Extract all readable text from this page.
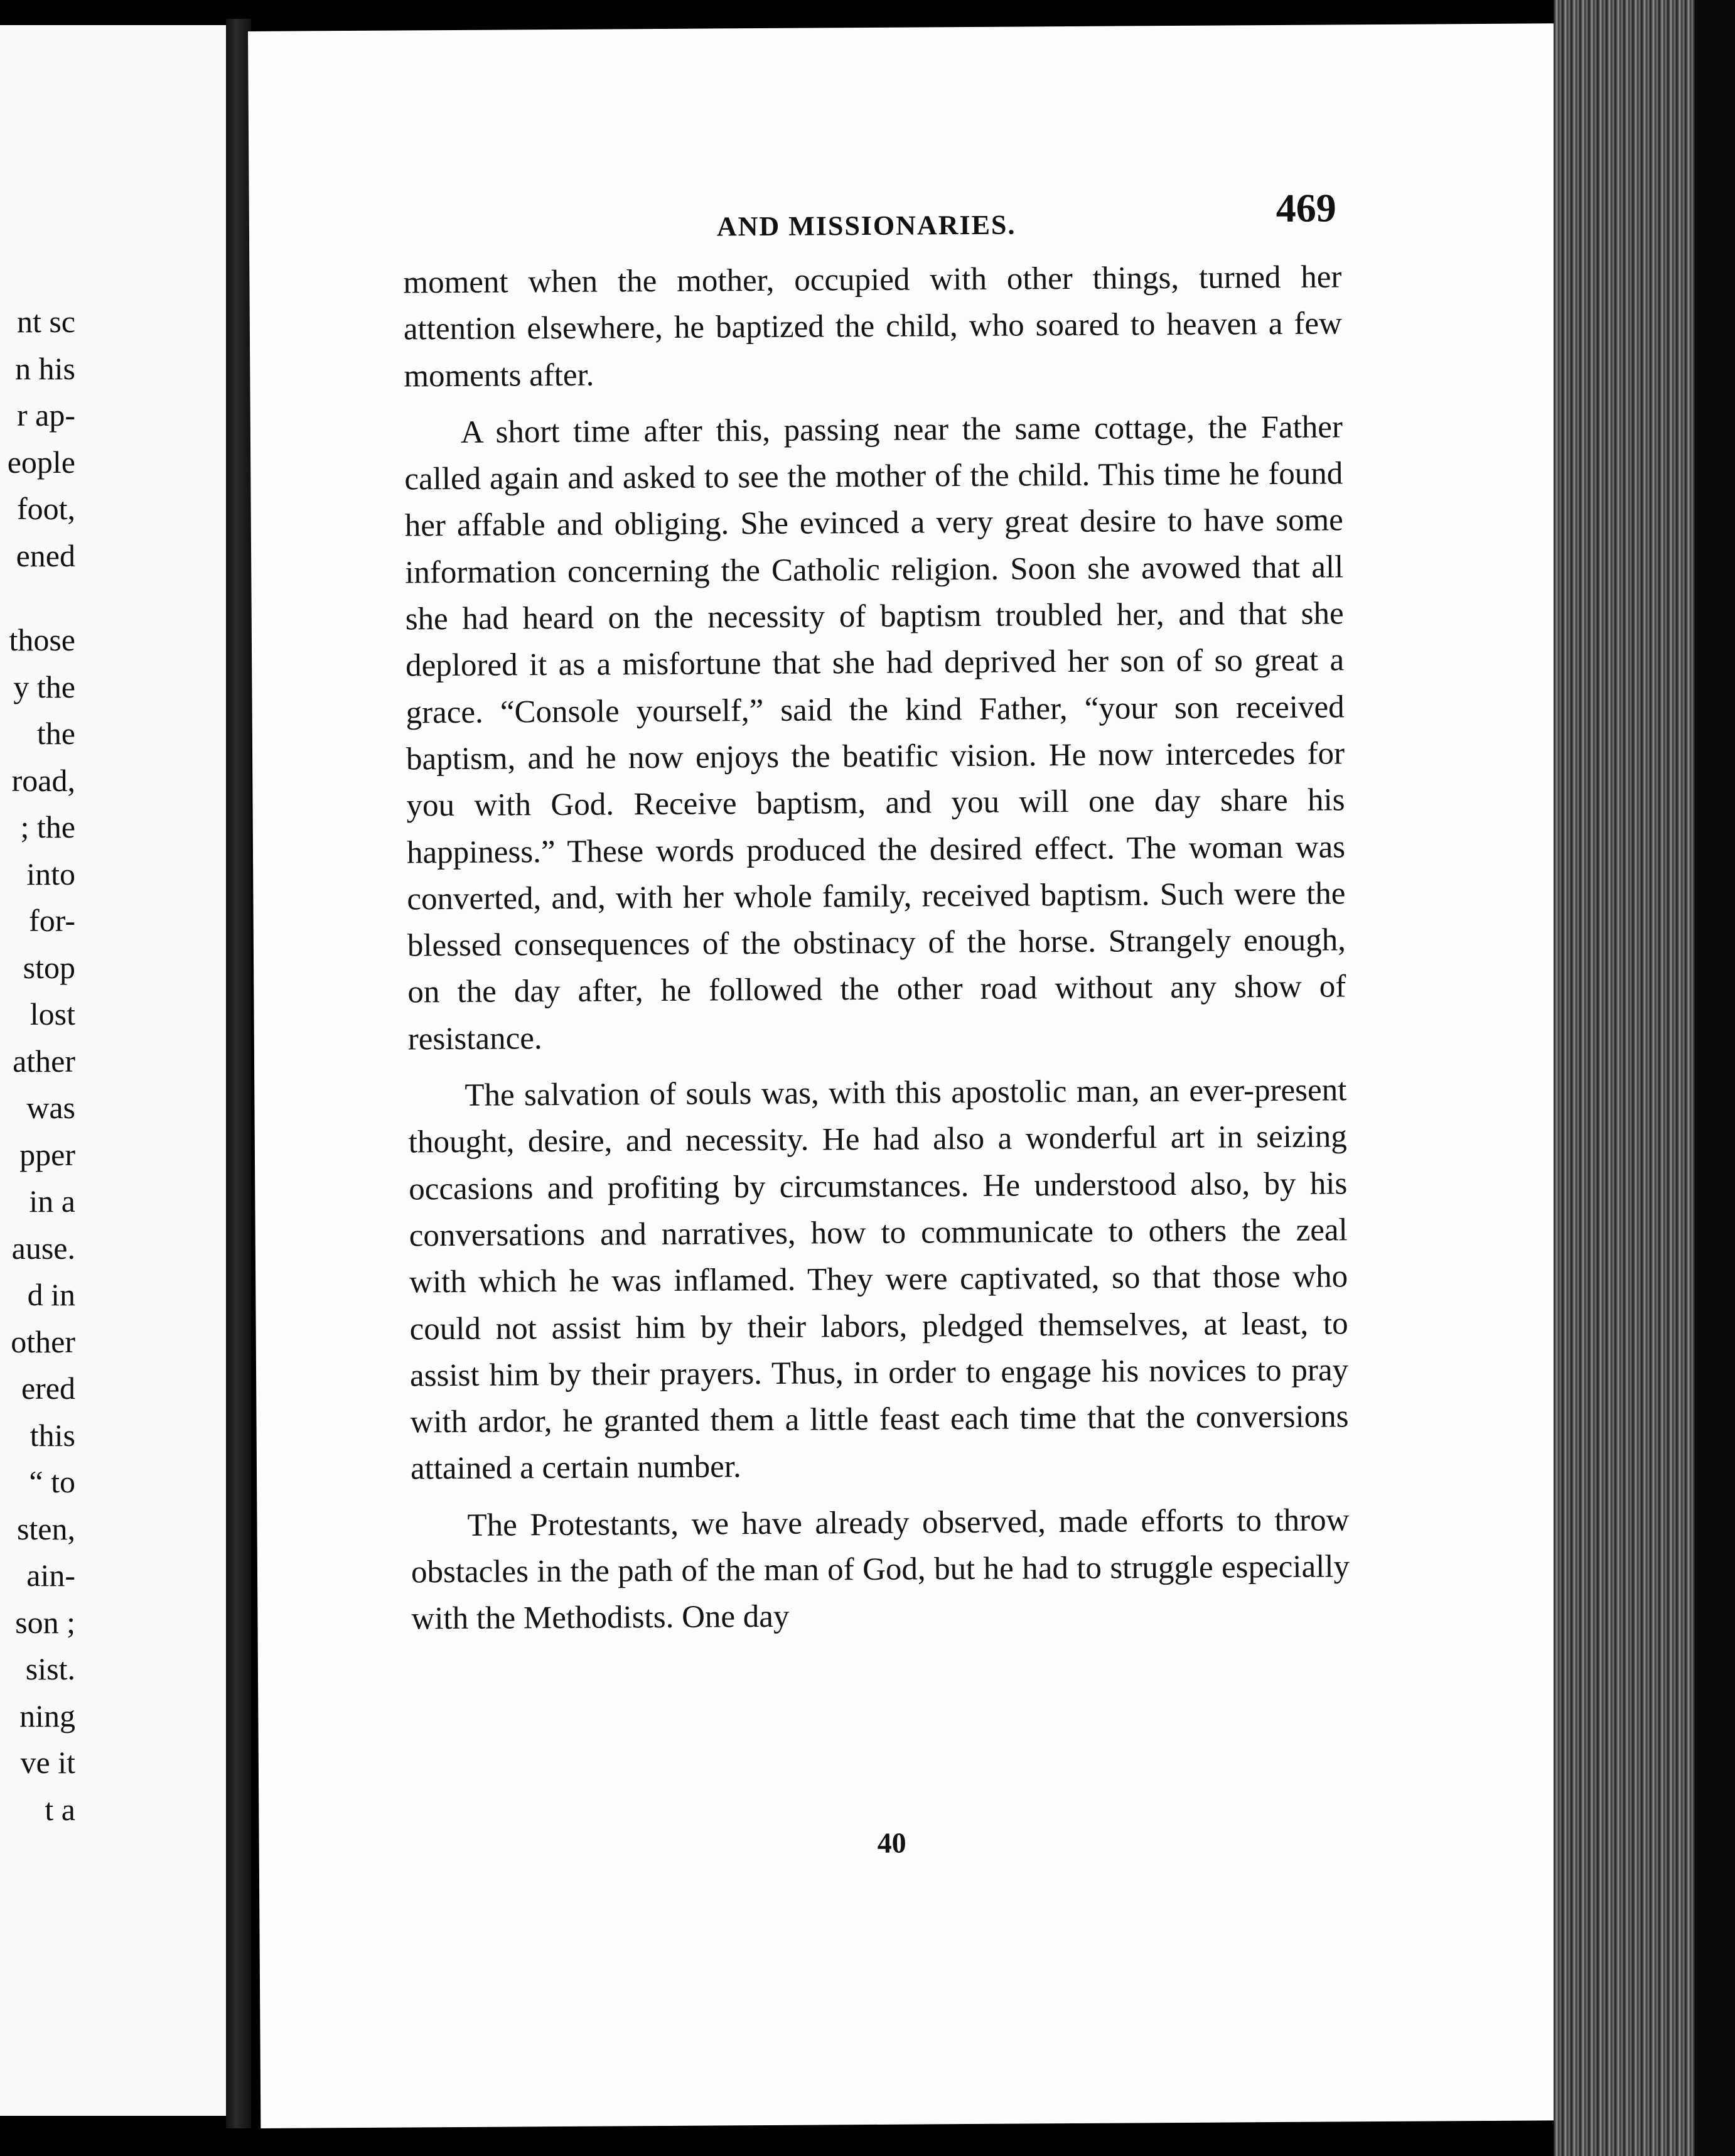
nt sc
n his
r ap-
eople
foot,
ened
those
y the
the
road,
; the
into
for-
stop
lost
ather
was
pper
in a
ause.
d in
other
ered
this
“ to
sten,
ain-
son ;
sist.
ning
ve it
t a
AND MISSIONARIES.	469

moment when the mother, occupied with other things, turned her attention elsewhere, he baptized the child, who soared to heaven a few moments after.

A short time after this, passing near the same cottage, the Father called again and asked to see the mother of the child. This time he found her affable and obliging. She evinced a very great desire to have some information concerning the Catholic religion. Soon she avowed that all she had heard on the necessity of baptism troubled her, and that she deplored it as a misfortune that she had deprived her son of so great a grace. “Console yourself,” said the kind Father, “your son received baptism, and he now enjoys the beatific vision. He now intercedes for you with God. Receive baptism, and you will one day share his happiness.” These words produced the desired effect. The woman was converted, and, with her whole family, received baptism. Such were the blessed consequences of the obstinacy of the horse. Strangely enough, on the day after, he followed the other road without any show of resistance.

The salvation of souls was, with this apostolic man, an ever-present thought, desire, and necessity. He had also a wonderful art in seizing occasions and profiting by circumstances. He understood also, by his conversations and narratives, how to communicate to others the zeal with which he was inflamed. They were captivated, so that those who could not assist him by their labors, pledged themselves, at least, to assist him by their prayers. Thus, in order to engage his novices to pray with ardor, he granted them a little feast each time that the conversions attained a certain number.

The Protestants, we have already observed, made efforts to throw obstacles in the path of the man of God, but he had to struggle especially with the Methodists. One day

40
